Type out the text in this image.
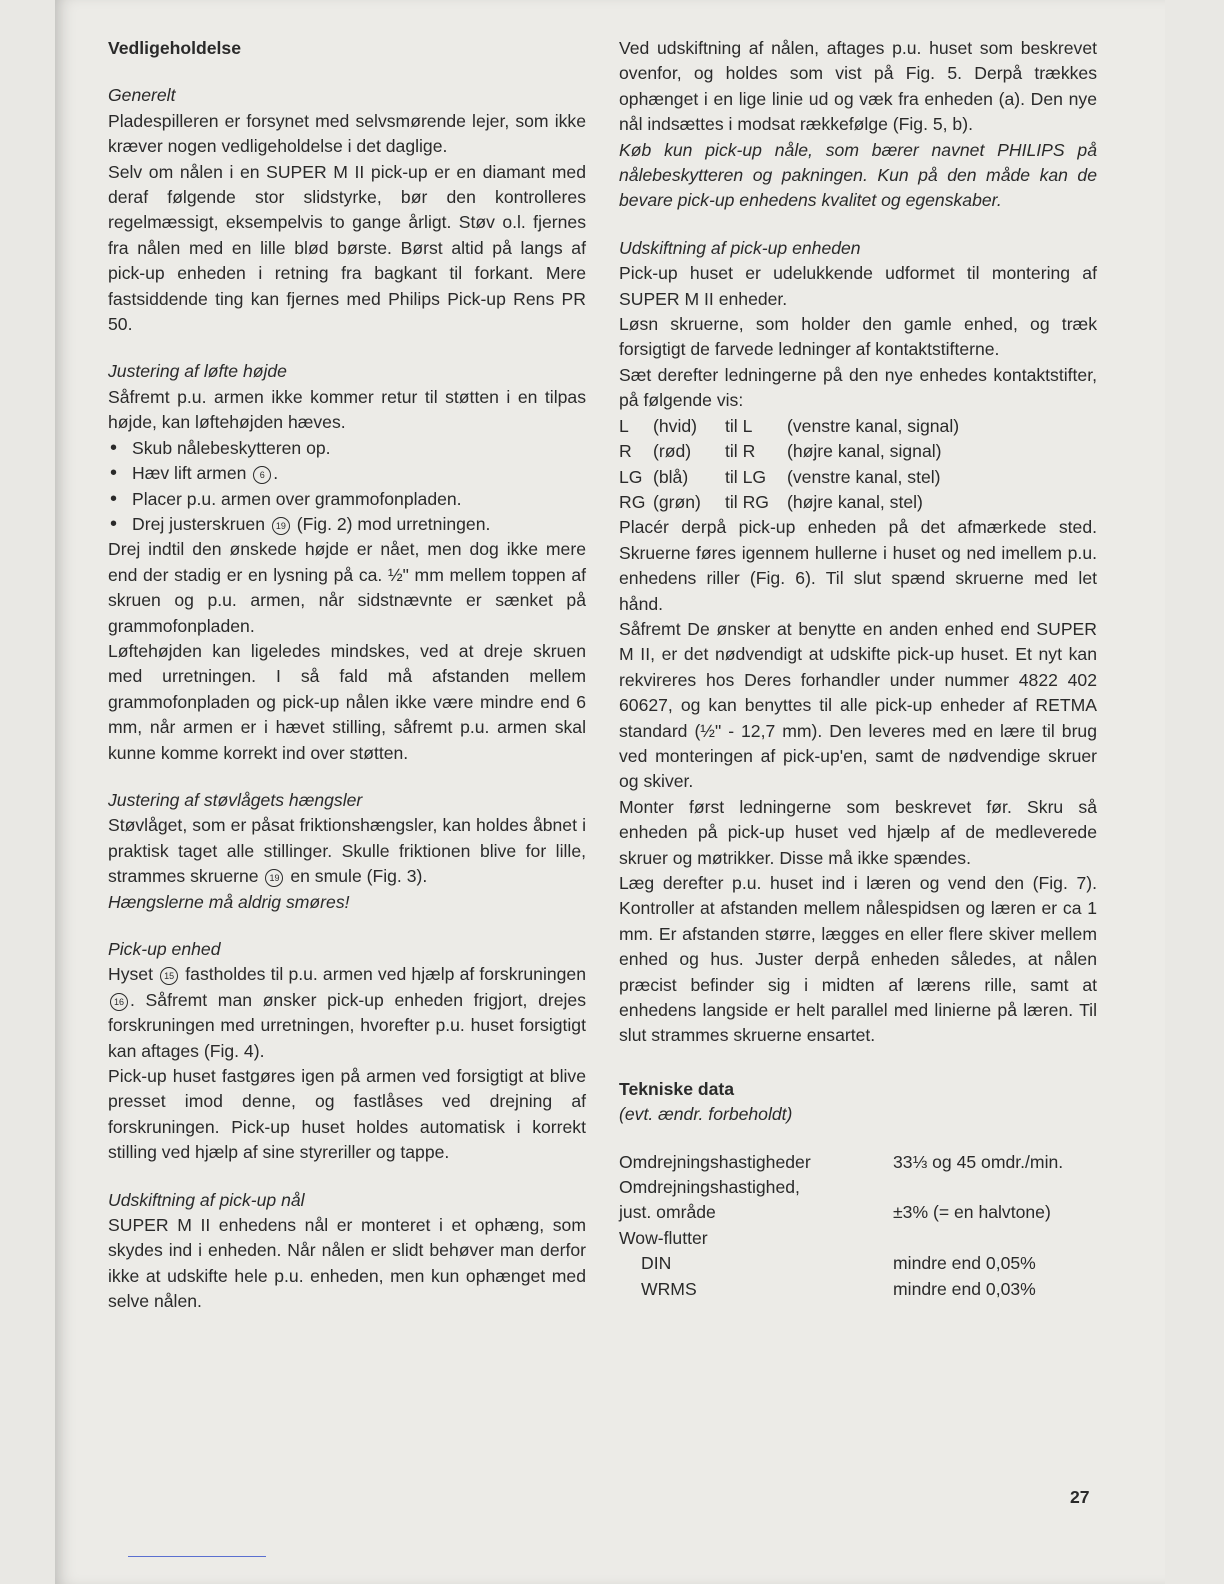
Vedligeholdelse
Generelt

Pladespilleren er forsynet med selvsmørende lejer, som ikke kræver nogen vedligeholdelse i det daglige.

Selv om nålen i en SUPER M II pick-up er en diamant med deraf følgende stor slidstyrke, bør den kontrolleres regelmæssigt, eksempelvis to gange årligt. Støv o.l. fjernes fra nålen med en lille blød børste. Børst altid på langs af pick-up enheden i retning fra bagkant til forkant. Mere fastsiddende ting kan fjernes med Philips Pick-up Rens PR 50.

Justering af løfte højde

Såfremt p.u. armen ikke kommer retur til støtten i en tilpas højde, kan løftehøjden hæves.

• Skub nålebeskytteren op.
• Hæv lift armen 6 .
• Placer p.u. armen over grammofonpladen.
• Drej justerskruen 19 (Fig. 2) mod urretningen.

Drej indtil den ønskede højde er nået, men dog ikke mere end der stadig er en lysning på ca. ½" mm mellem toppen af skruen og p.u. armen, når sidstnævnte er sænket på grammofonpladen.

Løftehøjden kan ligeledes mindskes, ved at dreje skruen med urretningen. I så fald må afstanden mellem grammofonpladen og pick-up nålen ikke være mindre end 6 mm, når armen er i hævet stilling, såfremt p.u. armen skal kunne komme korrekt ind over støtten.

Justering af støvlågets hængsler

Støvlåget, som er påsat friktionshængsler, kan holdes åbnet i praktisk taget alle stillinger. Skulle friktionen blive for lille, strammes skruerne 19 en smule (Fig. 3).

Hængslerne må aldrig smøres!

Pick-up enhed

Hyset 15 fastholdes til p.u. armen ved hjælp af forskruningen 16 . Såfremt man ønsker pick-up enheden frigjort, drejes forskruningen med urretningen, hvorefter p.u. huset forsigtigt kan aftages (Fig. 4).

Pick-up huset fastgøres igen på armen ved forsigtigt at blive presset imod denne, og fastlåses ved drejning af forskruningen. Pick-up huset holdes automatisk i korrekt stilling ved hjælp af sine styreriller og tappe.

Udskiftning af pick-up nål

SUPER M II enhedens nål er monteret i et ophæng, som skydes ind i enheden. Når nålen er slidt behøver man derfor ikke at udskifte hele p.u. enheden, men kun ophænget med selve nålen.

Ved udskiftning af nålen, aftages p.u. huset som beskrevet ovenfor, og holdes som vist på Fig. 5. Derpå trækkes ophænget i en lige linie ud og væk fra enheden (a). Den nye nål indsættes i modsat rækkefølge (Fig. 5, b).

Køb kun pick-up nåle, som bærer navnet PHILIPS på nålebeskytteren og pakningen. Kun på den måde kan de bevare pick-up enhedens kvalitet og egenskaber.

Udskiftning af pick-up enheden

Pick-up huset er udelukkende udformet til montering af SUPER M II enheder.

Løsn skruerne, som holder den gamle enhed, og træk forsigtigt de farvede ledninger af kontaktstifterne.

Sæt derefter ledningerne på den nye enhedes kontaktstifter, på følgende vis:

L	(hvid)	til L	(venstre kanal, signal)
R	(rød)	til R	(højre kanal, signal)
LG	(blå)	til LG	(venstre kanal, stel)
RG	(grøn)	til RG	(højre kanal, stel)

Placér derpå pick-up enheden på det afmærkede sted. Skruerne føres igennem hullerne i huset og ned imellem p.u. enhedens riller (Fig. 6). Til slut spænd skruerne med let hånd.

Såfremt De ønsker at benytte en anden enhed end SUPER M II, er det nødvendigt at udskifte pick-up huset. Et nyt kan rekvireres hos Deres forhandler under nummer 4822 402 60627, og kan benyttes til alle pick-up enheder af RETMA standard (½" - 12,7 mm). Den leveres med en lære til brug ved monteringen af pick-up'en, samt de nødvendige skruer og skiver.

Monter først ledningerne som beskrevet før. Skru så enheden på pick-up huset ved hjælp af de medleverede skruer og møtrikker. Disse må ikke spændes.

Læg derefter p.u. huset ind i læren og vend den (Fig. 7). Kontroller at afstanden mellem nålespidsen og læren er ca 1 mm. Er afstanden større, lægges en eller flere skiver mellem enhed og hus. Juster derpå enheden således, at nålen præcist befinder sig i midten af lærens rille, samt at enhedens langside er helt parallel med linierne på læren. Til slut strammes skruerne ensartet.

Tekniske data
(evt. ændr. forbeholdt)
Omdrejningshastigheder	33⅓ og 45 omdr./min.
Omdrejningshastighed,	
just. område	±3% (= en halvtone)
Wow-flutter	
DIN	mindre end 0,05%
WRMS	mindre end 0,03%
27
